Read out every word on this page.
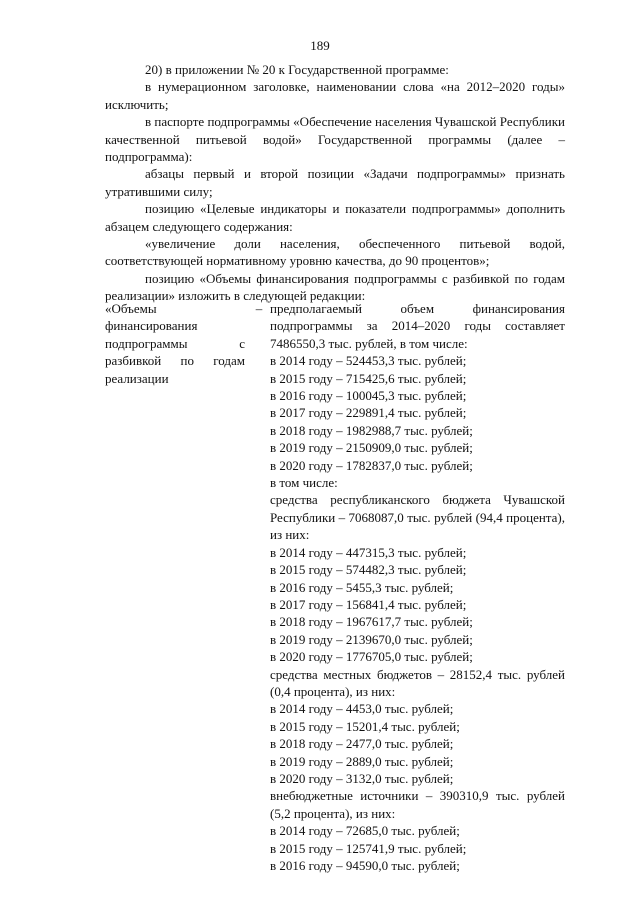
189

20) в приложении № 20 к Государственной программе:

в нумерационном заголовке, наименовании слова «на 2012–2020 годы» исключить;

в паспорте подпрограммы «Обеспечение населения Чувашской Республики качественной питьевой водой» Государственной программы (далее – подпрограмма):

абзацы первый и второй позиции «Задачи подпрограммы» признать утратившими силу;

позицию «Целевые индикаторы и показатели подпрограммы» дополнить абзацем следующего содержания:

«увеличение доли населения, обеспеченного питьевой водой, соответствующей нормативному уровню качества, до 90 процентов»;

позицию «Объемы финансирования подпрограммы с разбивкой по годам реализации» изложить в следующей редакции:

«Объемы финансирования подпрограммы с разбивкой по годам реализации
– предполагаемый объем финансирования подпрограммы за 2014–2020 годы составляет 7486550,3 тыс. рублей, в том числе:

в 2014 году – 524453,3 тыс. рублей;

в 2015 году – 715425,6 тыс. рублей;

в 2016 году – 100045,3 тыс. рублей;

в 2017 году – 229891,4 тыс. рублей;

в 2018 году – 1982988,7 тыс. рублей;

в 2019 году – 2150909,0 тыс. рублей;

в 2020 году – 1782837,0 тыс. рублей;

в том числе:

средства республиканского бюджета Чувашской Республики – 7068087,0 тыс. рублей (94,4 процента), из них:

в 2014 году – 447315,3 тыс. рублей;

в 2015 году – 574482,3 тыс. рублей;

в 2016 году – 5455,3 тыс. рублей;

в 2017 году – 156841,4 тыс. рублей;

в 2018 году – 1967617,7 тыс. рублей;

в 2019 году – 2139670,0 тыс. рублей;

в 2020 году – 1776705,0 тыс. рублей;

средства местных бюджетов – 28152,4 тыс. рублей (0,4 процента), из них:

в 2014 году – 4453,0 тыс. рублей;

в 2015 году – 15201,4 тыс. рублей;

в 2018 году – 2477,0 тыс. рублей;

в 2019 году – 2889,0 тыс. рублей;

в 2020 году – 3132,0 тыс. рублей;

внебюджетные источники – 390310,9 тыс. рублей (5,2 процента), из них:

в 2014 году – 72685,0 тыс. рублей;

в 2015 году – 125741,9 тыс. рублей;

в 2016 году – 94590,0 тыс. рублей;
